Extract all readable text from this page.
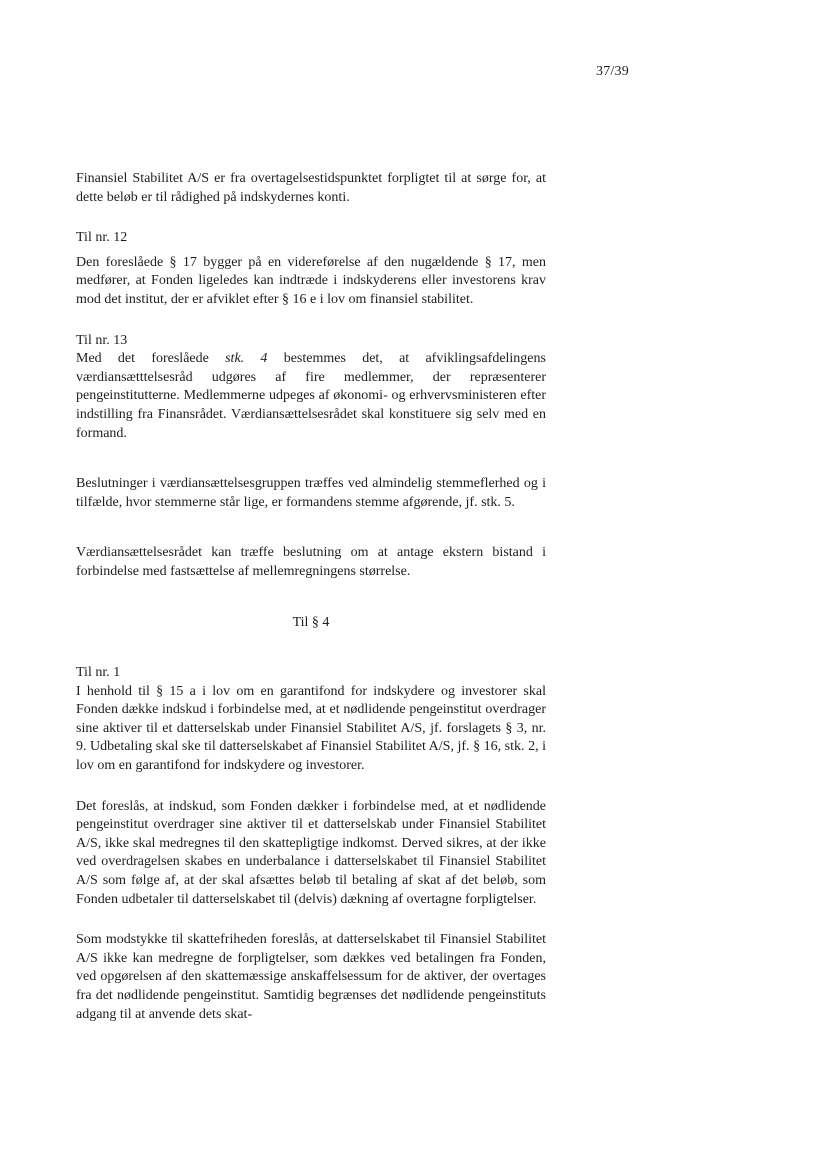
37/39

Finansiel Stabilitet A/S er fra overtagelsestidspunktet forpligtet til at sørge for, at dette beløb er til rådighed på indskydernes konti.

Til nr. 12

Den foreslåede § 17 bygger på en videreførelse af den nugældende § 17, men medfører, at Fonden ligeledes kan indtræde i indskyderens eller investorens krav mod det institut, der er afviklet efter § 16 e i lov om finansiel stabilitet.

Til nr. 13

Med det foreslåede stk. 4 bestemmes det, at afviklingsafdelingens værdiansætttelsesråd udgøres af fire medlemmer, der repræsenterer pengeinstitutterne. Medlemmerne udpeges af økonomi- og erhvervsministeren efter indstilling fra Finansrådet. Værdiansættelsesrådet skal konstituere sig selv med en formand.

Beslutninger i værdiansættelsesgruppen træffes ved almindelig stemmeflerhed og i tilfælde, hvor stemmerne står lige, er formandens stemme afgørende, jf. stk. 5.

Værdiansættelsesrådet kan træffe beslutning om at antage ekstern bistand i forbindelse med fastsættelse af mellemregningens størrelse.

Til § 4

Til nr. 1

I henhold til § 15 a i lov om en garantifond for indskydere og investorer skal Fonden dække indskud i forbindelse med, at et nødlidende pengeinstitut overdrager sine aktiver til et datterselskab under Finansiel Stabilitet A/S, jf. forslagets § 3, nr. 9. Udbetaling skal ske til datterselskabet af Finansiel Stabilitet A/S, jf. § 16, stk. 2, i lov om en garantifond for indskydere og investorer.

Det foreslås, at indskud, som Fonden dækker i forbindelse med, at et nødlidende pengeinstitut overdrager sine aktiver til et datterselskab under Finansiel Stabilitet A/S, ikke skal medregnes til den skattepligtige indkomst. Derved sikres, at der ikke ved overdragelsen skabes en underbalance i datterselskabet til Finansiel Stabilitet A/S som følge af, at der skal afsættes beløb til betaling af skat af det beløb, som Fonden udbetaler til datterselskabet til (delvis) dækning af overtagne forpligtelser.

Som modstykke til skattefriheden foreslås, at datterselskabet til Finansiel Stabilitet A/S ikke kan medregne de forpligtelser, som dækkes ved betalingen fra Fonden, ved opgørelsen af den skattemæssige anskaffelsessum for de aktiver, der overtages fra det nødlidende pengeinstitut. Samtidig begrænses det nødlidende pengeinstituts adgang til at anvende dets skat-
